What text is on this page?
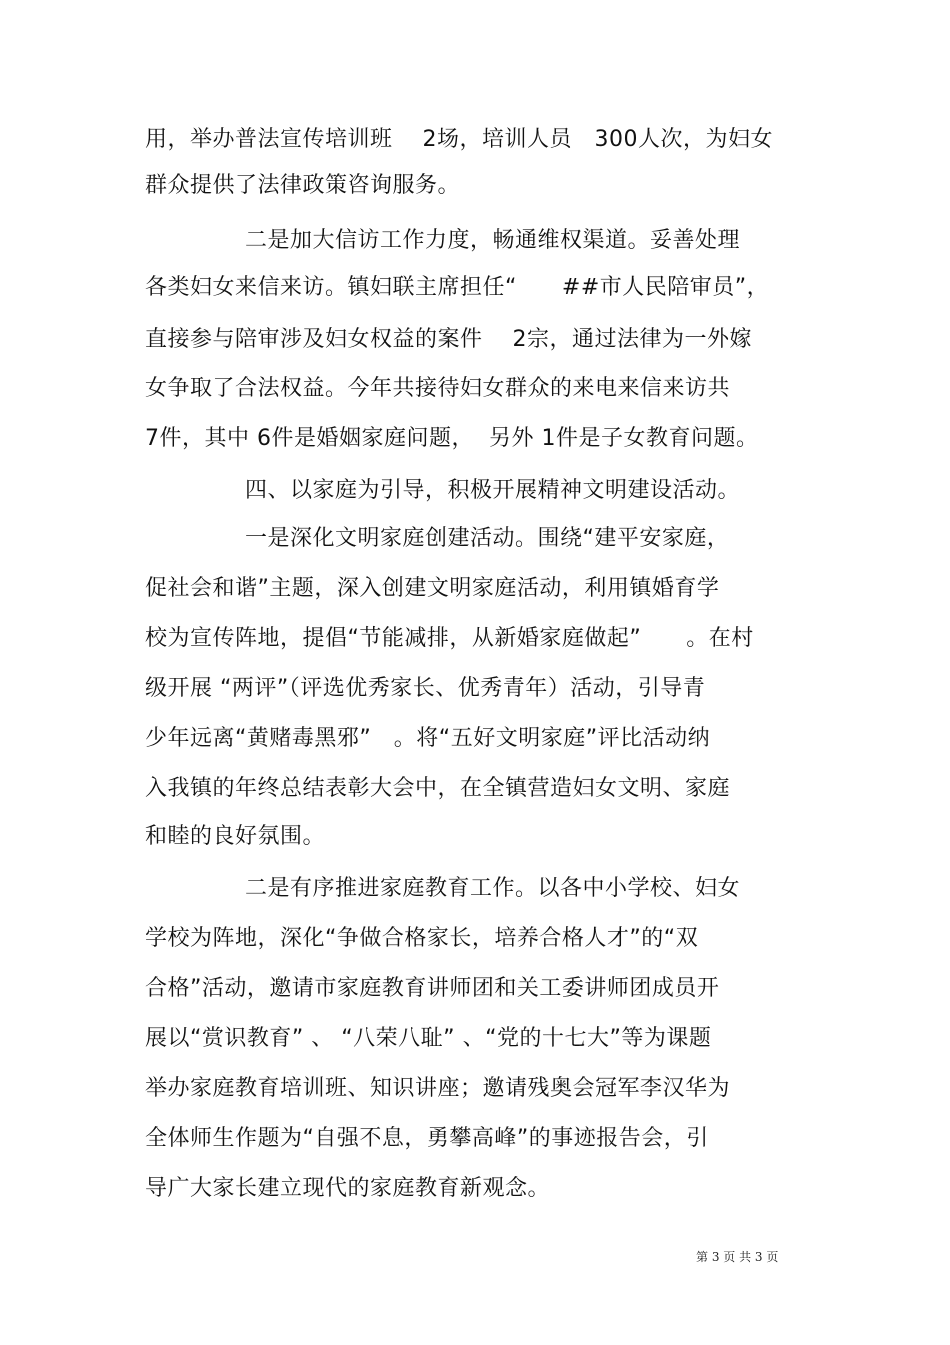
用，举办普法宣传培训班　 2场，培训人员　300人次，为妇女
群众提供了法律政策咨询服务。
二是加大信访工作力度，畅通维权渠道。妥善处理
各类妇女来信来访。镇妇联主席担任“　　##市人民陪审员”，
直接参与陪审涉及妇女权益的案件　 2宗，通过法律为一外嫁
女争取了合法权益。今年共接待妇女群众的来电来信来访共
7件，其中 6件是婚姻家庭问题，  另外 1件是子女教育问题。
四、以家庭为引导，积极开展精神文明建设活动。
一是深化文明家庭创建活动。围绕“建平安家庭，
促社会和谐”主题，深入创建文明家庭活动，利用镇婚育学
校为宣传阵地，提倡“节能减排，从新婚家庭做起”　　。在村
级开展 “两评”（评选优秀家长、优秀青年）活动，引导青
少年远离“黄赌毒黑邪”　。将“五好文明家庭”评比活动纳
入我镇的年终总结表彰大会中，在全镇营造妇女文明、家庭
和睦的良好氛围。
二是有序推进家庭教育工作。以各中小学校、妇女
学校为阵地，深化“争做合格家长，培养合格人才”的“双
合格”活动，邀请市家庭教育讲师团和关工委讲师团成员开
展以“赏识教育” 、 “八荣八耻” 、“党的十七大”等为课题
举办家庭教育培训班、知识讲座；邀请残奥会冠军李汉华为
全体师生作题为“自强不息，勇攀高峰”的事迹报告会，引
导广大家长建立现代的家庭教育新观念。
第 3 页 共 3 页
